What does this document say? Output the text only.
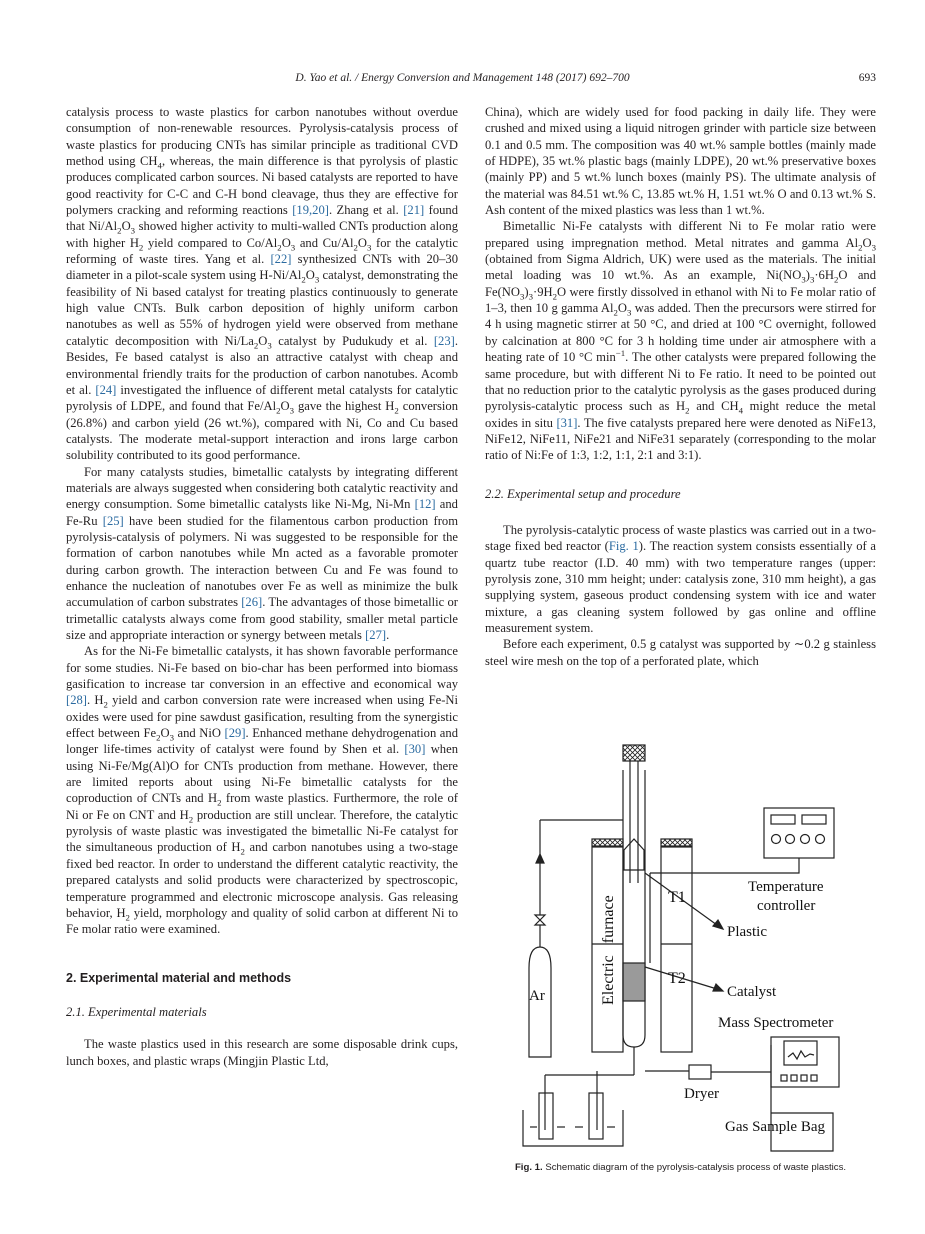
D. Yao et al. / Energy Conversion and Management 148 (2017) 692–700	693

catalysis process to waste plastics for carbon nanotubes without overdue consumption of non-renewable resources. Pyrolysis-catalysis process of waste plastics for producing CNTs has similar principle as traditional CVD method using $CH_4$, whereas, the main difference is that pyrolysis of plastic produces complicated carbon sources. Ni based catalysts are reported to have good reactivity for C-C and C-H bond cleavage, thus they are effective for polymers cracking and reforming reactions [19,20]. Zhang et al. [21] found that $Ni/Al_2O_3$ showed higher activity to multi-walled CNTs production along with higher $H_2$ yield compared to $Co/Al_2O_3$ and $Cu/Al_2O_3$ for the catalytic reforming of waste tires. Yang et al. [22] synthesized CNTs with 20–30 diameter in a pilot-scale system using $H-Ni/Al_2O_3$ catalyst, demonstrating the feasibility of Ni based catalyst for treating plastics continuously to generate high value CNTs. Bulk carbon deposition of highly uniform carbon nanotubes as well as 55% of hydrogen yield were observed from methane catalytic decomposition with $Ni/La_2O_3$ catalyst by Pudukudy et al. [23]. Besides, Fe based catalyst is also an attractive catalyst with cheap and environmental friendly traits for the production of carbon nanotubes. Acomb et al. [24] investigated the influence of different metal catalysts for catalytic pyrolysis of LDPE, and found that $Fe/Al_2O_3$ gave the highest $H_2$ conversion (26.8%) and carbon yield (26 wt.%), compared with Ni, Co and Cu based catalysts. The moderate metal-support interaction and irons large carbon solubility contributed to its good performance.

For many catalysts studies, bimetallic catalysts by integrating different materials are always suggested when considering both catalytic reactivity and energy consumption. Some bimetallic catalysts like Ni-Mg, Ni-Mn [12] and Fe-Ru [25] have been studied for the filamentous carbon production from pyrolysis-catalysis of polymers. Ni was suggested to be responsible for the formation of carbon nanotubes while Mn acted as a favorable promoter during carbon growth. The interaction between Cu and Fe was found to enhance the nucleation of nanotubes over Fe as well as minimize the bulk accumulation of carbon substrates [26]. The advantages of those bimetallic or trimetallic catalysts always come from good stability, smaller metal particle size and appropriate interaction or synergy between metals [27].

As for the Ni-Fe bimetallic catalysts, it has shown favorable performance for some studies. Ni-Fe based on bio-char has been performed into biomass gasification to increase tar conversion in an effective and economical way [28]. $H_2$ yield and carbon conversion rate were increased when using Fe-Ni oxides were used for pine sawdust gasification, resulting from the synergistic effect between $Fe_2O_3$ and NiO [29]. Enhanced methane dehydrogenation and longer life-times activity of catalyst were found by Shen et al. [30] when using Ni-Fe/Mg(Al)O for CNTs production from methane. However, there are limited reports about using Ni-Fe bimetallic catalysts for the coproduction of CNTs and $H_2$ from waste plastics. Furthermore, the role of Ni or Fe on CNT and $H_2$ production are still unclear. Therefore, the catalytic pyrolysis of waste plastic was investigated the bimetallic Ni-Fe catalyst for the simultaneous production of $H_2$ and carbon nanotubes using a two-stage fixed bed reactor. In order to understand the different catalytic reactivity, the prepared catalysts and solid products were characterized by spectroscopic, temperature programmed and electronic microscope analysis. Gas releasing behavior, $H_2$ yield, morphology and quality of solid carbon at different Ni to Fe molar ratio were examined.

2. Experimental material and methods
2.1. Experimental materials

The waste plastics used in this research are some disposable drink cups, lunch boxes, and plastic wraps (Mingjin Plastic Ltd,

China), which are widely used for food packing in daily life. They were crushed and mixed using a liquid nitrogen grinder with particle size between 0.1 and 0.5 mm. The composition was 40 wt.% sample bottles (mainly made of HDPE), 35 wt.% plastic bags (mainly LDPE), 20 wt.% preservative boxes (mainly PP) and 5 wt.% lunch boxes (mainly PS). The ultimate analysis of the material was 84.51 wt.% C, 13.85 wt.% H, 1.51 wt.% O and 0.13 wt.% S. Ash content of the mixed plastics was less than 1 wt.%.

Bimetallic Ni-Fe catalysts with different Ni to Fe molar ratio were prepared using impregnation method. Metal nitrates and gamma $Al_2O_3$ (obtained from Sigma Aldrich, UK) were used as the materials. The initial metal loading was 10 wt.%. As an example, $Ni(NO_3)_3\cdot 6H_2O$ and $Fe(NO_3)_3\cdot 9H_2O$ were firstly dissolved in ethanol with Ni to Fe molar ratio of 1–3, then 10 g gamma $Al_2O_3$ was added. Then the precursors were stirred for 4 h using magnetic stirrer at 50 °C, and dried at 100 °C overnight, followed by calcination at 800 °C for 3 h holding time under air atmosphere with a heating rate of 10 °C $\min^{-1}$. The other catalysts were prepared following the same procedure, but with different Ni to Fe ratio. It need to be pointed out that no reduction prior to the catalytic pyrolysis as the gases produced during pyrolysis-catalytic process such as $H_2$ and $CH_4$ might reduce the metal oxides in situ [31]. The five catalysts prepared here were denoted as NiFe13, NiFe12, NiFe11, NiFe21 and NiFe31 separately (corresponding to the molar ratio of Ni:Fe of 1:3, 1:2, 1:1, 2:1 and 3:1).

2.2. Experimental setup and procedure

The pyrolysis-catalytic process of waste plastics was carried out in a two-stage fixed bed reactor (Fig. 1). The reaction system consists essentially of a quartz tube reactor (I.D. 40 mm) with two temperature ranges (upper: pyrolysis zone, 310 mm height; under: catalysis zone, 310 mm height), a gas supplying system, gaseous product condensing system with ice and water mixture, a gas cleaning system followed by gas online and offline measurement system.

Before each experiment, 0.5 g catalyst was supported by ∼0.2 g stainless steel wire mesh on the top of a perforated plate, which

Temperature
controller
T1
T2
Plastic
Catalyst
Electric   furnace
Ar
Mass Spectrometer
Dryer
Gas Sample Bag
Fig. 1. Schematic diagram of the pyrolysis-catalysis process of waste plastics.
